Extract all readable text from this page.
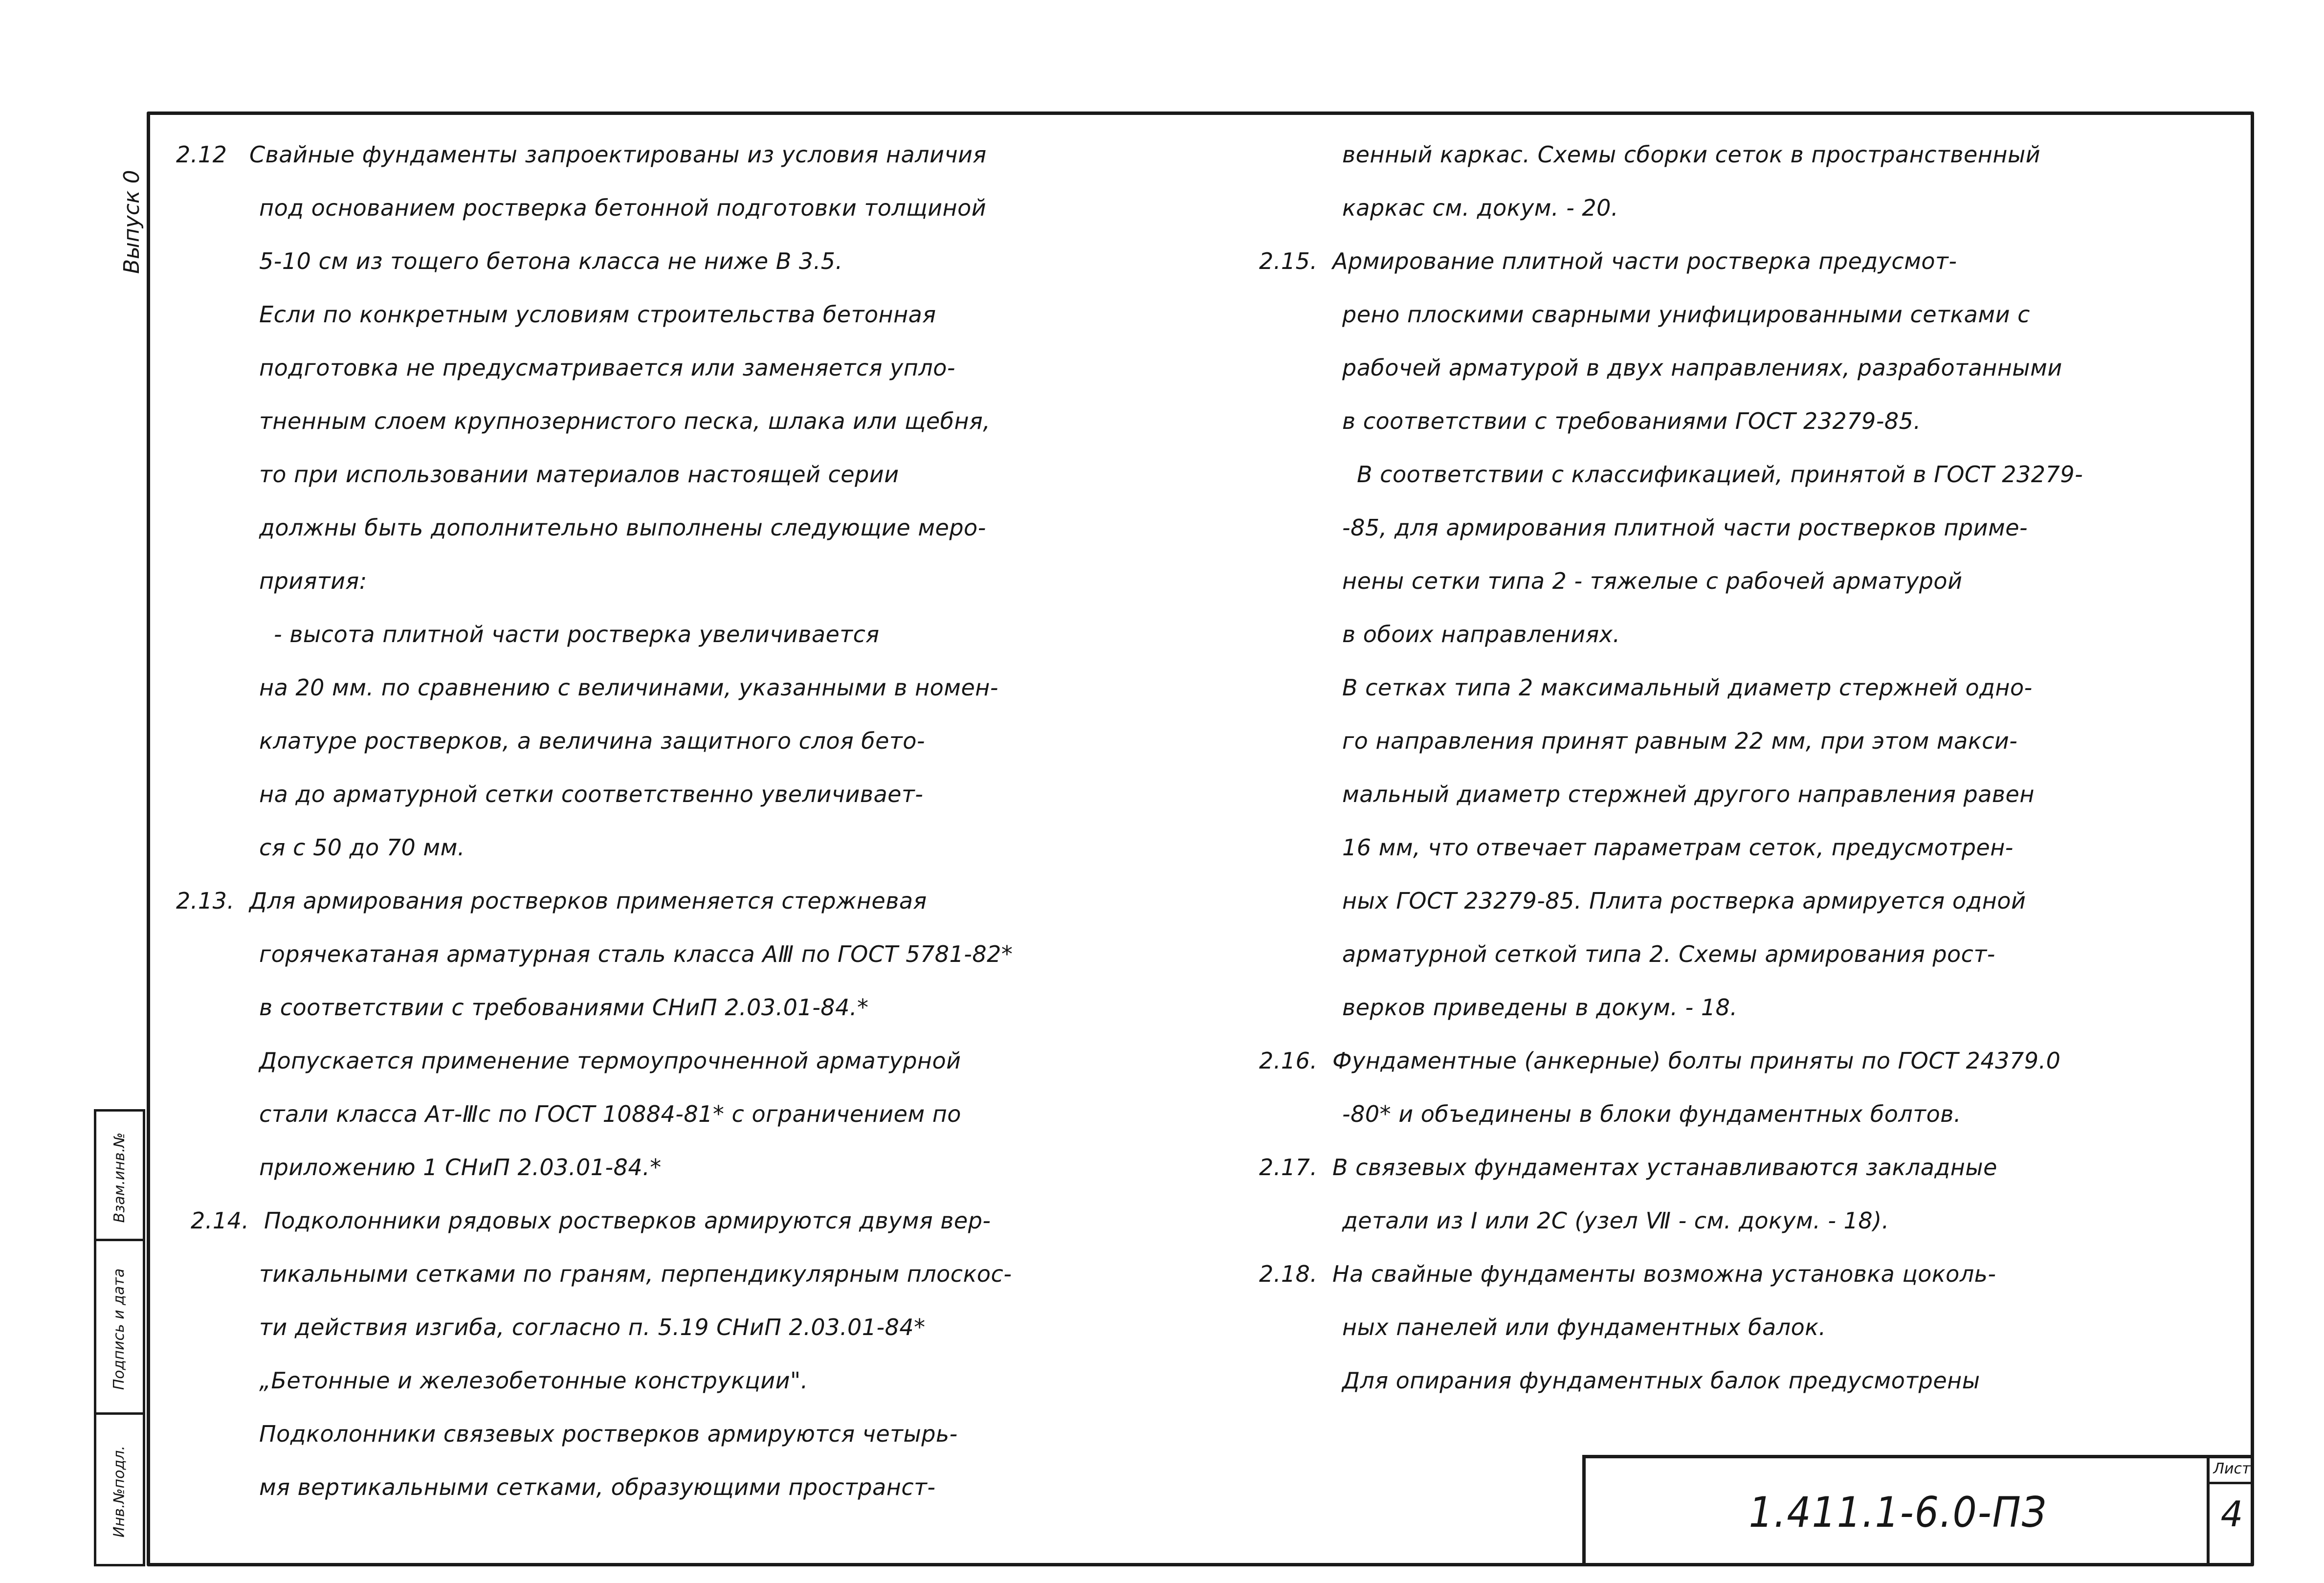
Выпуск 0
Взам.инв.№
Подпись и дата
Инв.№подл.
2.12 Свайные фундаменты запроектированы из условия наличия
под основанием ростверка бетонной подготовки толщиной
5-10 см из тощего бетона класса не ниже В 3.5.
Если по конкретным условиям строительства бетонная
подготовка не предусматривается или заменяется упло-
тненным слоем крупнозернистого песка, шлака или щебня,
то при использовании материалов настоящей серии
должны быть дополнительно выполнены следующие меро-
приятия:
- высота плитной части ростверка увеличивается
на 20 мм. по сравнению с величинами, указанными в номен-
клатуре ростверков, а величина защитного слоя бето-
на до арматурной сетки соответственно увеличивает-
ся с 50 до 70 мм.
2.13. Для армирования ростверков применяется стержневая
горячекатаная арматурная сталь класса АⅢ по ГОСТ 5781-82*
в соответствии с требованиями СНиП 2.03.01-84.*
Допускается применение термоупрочненной арматурной
стали класса Ат-Ⅲс по ГОСТ 10884-81* с ограничением по
приложению 1 СНиП 2.03.01-84.*
2.14. Подколонники рядовых ростверков армируются двумя вер-
тикальными сетками по граням, перпендикулярным плоскос-
ти действия изгиба, согласно п. 5.19 СНиП 2.03.01-84*
„Бетонные и железобетонные конструкции".
Подколонники связевых ростверков армируются четырь-
мя вертикальными сетками, образующими пространст-
венный каркас. Схемы сборки сеток в пространственный
каркас см. докум. - 20.
2.15. Армирование плитной части ростверка предусмот-
рено плоскими сварными унифицированными сетками с
рабочей арматурой в двух направлениях, разработанными
в соответствии с требованиями ГОСТ 23279-85.
В соответствии с классификацией, принятой в ГОСТ 23279-
-85, для армирования плитной части ростверков приме-
нены сетки типа 2 - тяжелые с рабочей арматурой
в обоих направлениях.
В сетках типа 2 максимальный диаметр стержней одно-
го направления принят равным 22 мм, при этом макси-
мальный диаметр стержней другого направления равен
16 мм, что отвечает параметрам сеток, предусмотрен-
ных ГОСТ 23279-85. Плита ростверка армируется одной
арматурной сеткой типа 2. Схемы армирования рост-
верков приведены в докум. - 18.
2.16. Фундаментные (анкерные) болты приняты по ГОСТ 24379.0
-80* и объединены в блоки фундаментных болтов.
2.17. В связевых фундаментах устанавливаются закладные
детали из I или 2С (узел Ⅶ - см. докум. - 18).
2.18. На свайные фундаменты возможна установка цоколь-
ных панелей или фундаментных балок.
Для опирания фундаментных балок предусмотрены
1.411.1-6.0-ПЗ
Лист
4
